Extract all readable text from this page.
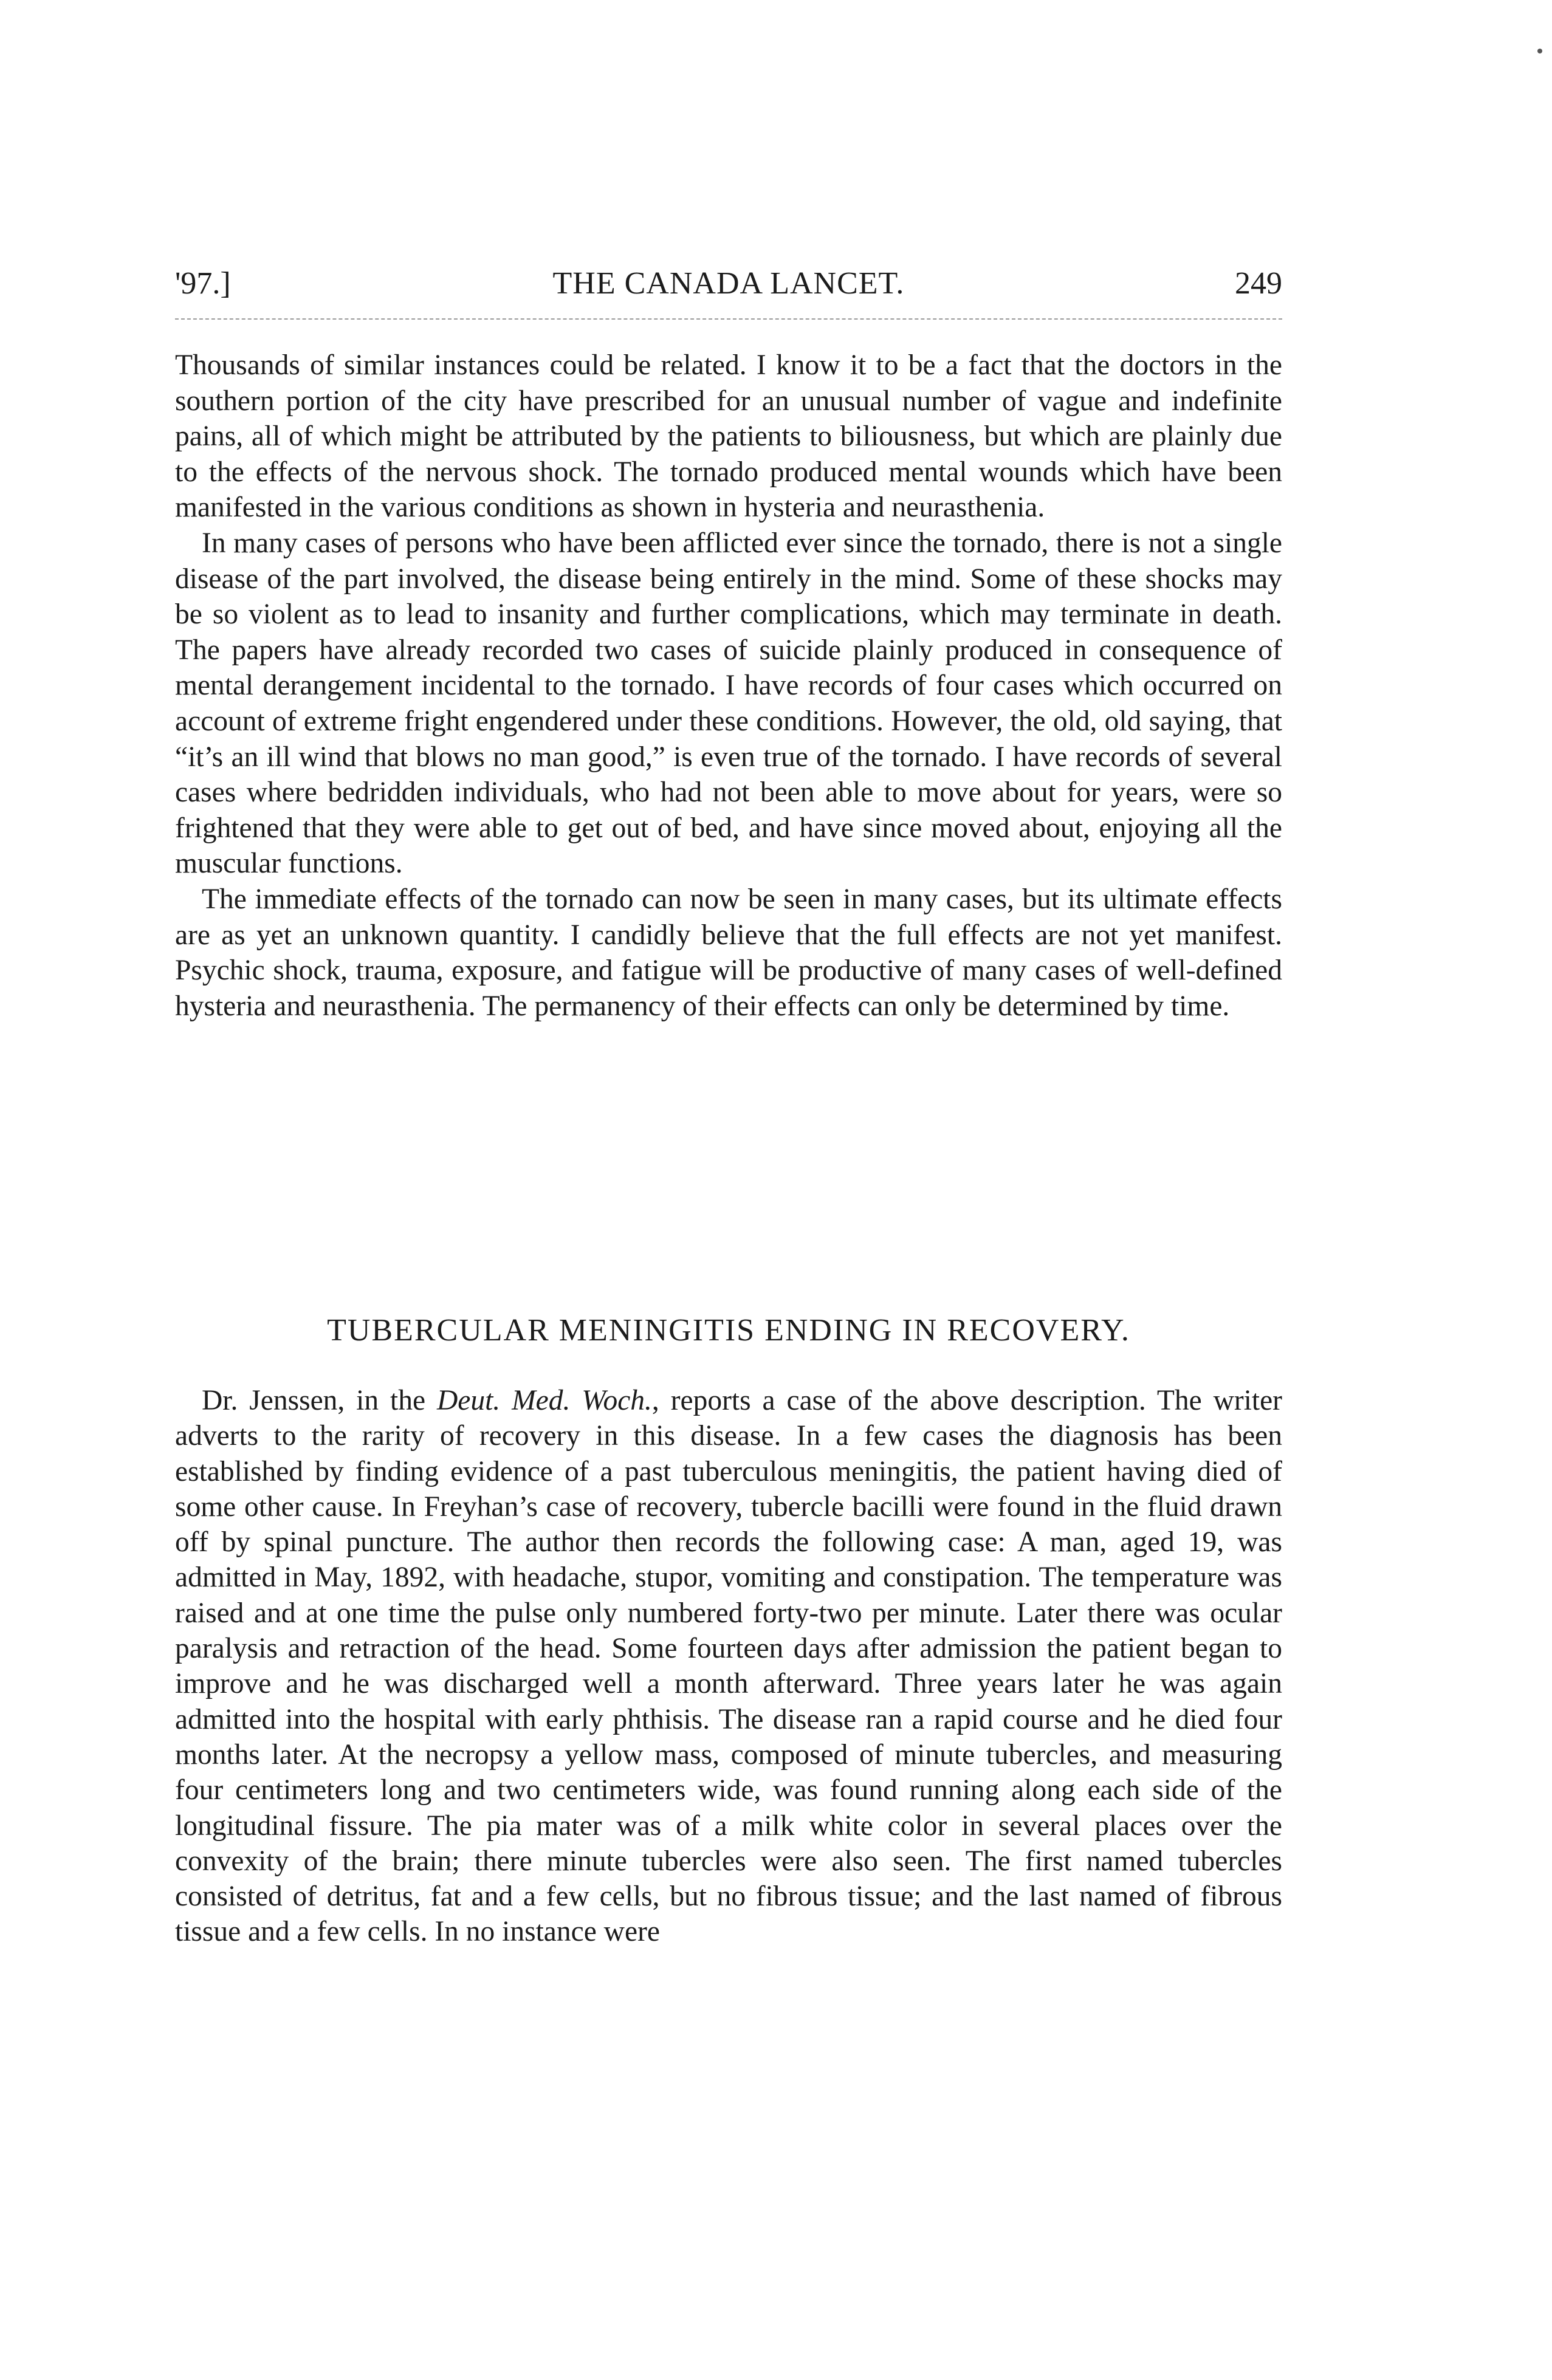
'97.]	THE CANADA LANCET.	249

Thousands of similar instances could be related. I know it to be a fact that the doctors in the southern portion of the city have prescribed for an unusual number of vague and indefinite pains, all of which might be attributed by the patients to biliousness, but which are plainly due to the effects of the nervous shock. The tornado produced mental wounds which have been manifested in the various conditions as shown in hysteria and neurasthenia.

In many cases of persons who have been afflicted ever since the tornado, there is not a single disease of the part involved, the disease being entirely in the mind. Some of these shocks may be so violent as to lead to insanity and further complications, which may terminate in death. The papers have already recorded two cases of suicide plainly produced in consequence of mental derangement incidental to the tornado. I have records of four cases which occurred on account of extreme fright engendered under these conditions. However, the old, old saying, that “it’s an ill wind that blows no man good,” is even true of the tornado. I have records of several cases where bedridden individuals, who had not been able to move about for years, were so frightened that they were able to get out of bed, and have since moved about, enjoying all the muscular functions.

The immediate effects of the tornado can now be seen in many cases, but its ultimate effects are as yet an unknown quantity. I candidly believe that the full effects are not yet manifest. Psychic shock, trauma, exposure, and fatigue will be productive of many cases of well-defined hysteria and neurasthenia. The permanency of their effects can only be determined by time.

TUBERCULAR MENINGITIS ENDING IN RECOVERY.

Dr. Jenssen, in the Deut. Med. Woch., reports a case of the above description. The writer adverts to the rarity of recovery in this disease. In a few cases the diagnosis has been established by finding evidence of a past tuberculous meningitis, the patient having died of some other cause. In Freyhan’s case of recovery, tubercle bacilli were found in the fluid drawn off by spinal puncture. The author then records the following case: A man, aged 19, was admitted in May, 1892, with headache, stupor, vomiting and constipation. The temperature was raised and at one time the pulse only numbered forty-two per minute. Later there was ocular paralysis and retraction of the head. Some fourteen days after admission the patient began to improve and he was discharged well a month afterward. Three years later he was again admitted into the hospital with early phthisis. The disease ran a rapid course and he died four months later. At the necropsy a yellow mass, composed of minute tubercles, and measuring four centimeters long and two centimeters wide, was found running along each side of the longitudinal fissure. The pia mater was of a milk white color in several places over the convexity of the brain; there minute tubercles were also seen. The first named tubercles consisted of detritus, fat and a few cells, but no fibrous tissue; and the last named of fibrous tissue and a few cells. In no instance were
